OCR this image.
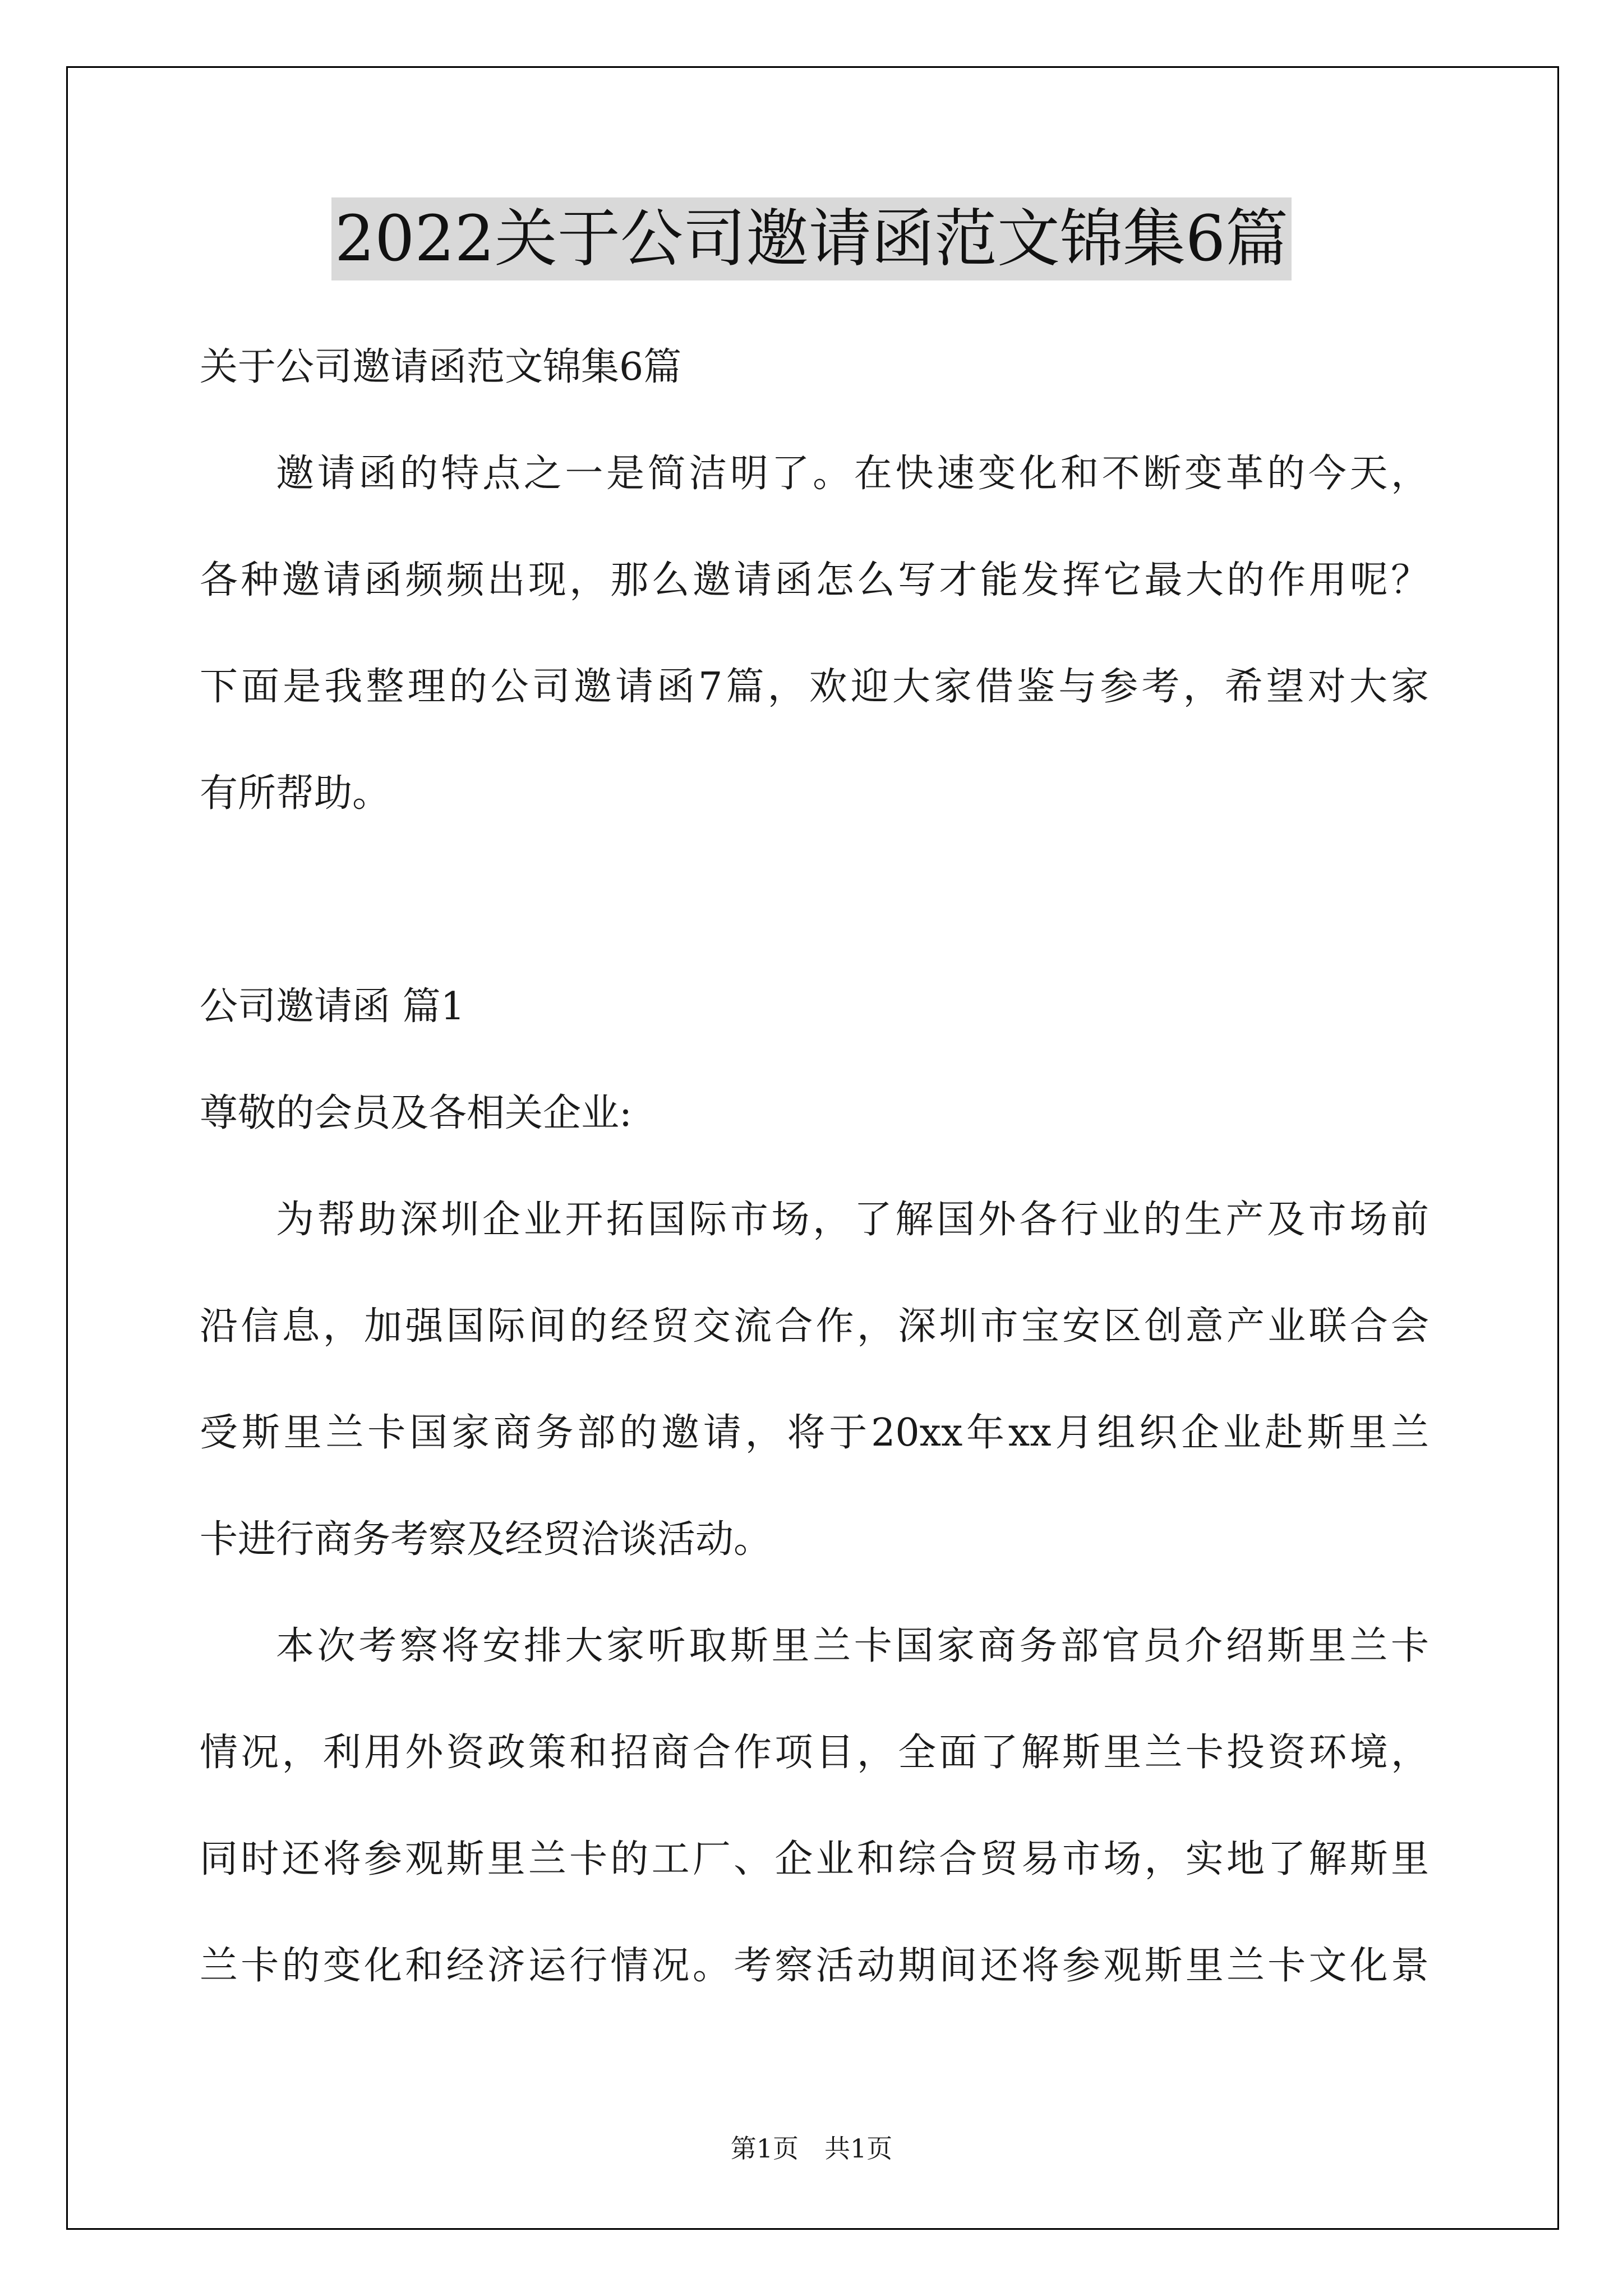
2022关于公司邀请函范文锦集6篇
关于公司邀请函范文锦集6篇
邀请函的特点之一是简洁明了。在快速变化和不断变革的今天，
各种邀请函频频出现，那么邀请函怎么写才能发挥它最大的作用呢？
下面是我整理的公司邀请函7篇，欢迎大家借鉴与参考，希望对大家
有所帮助。
公司邀请函 篇1
尊敬的会员及各相关企业:
为帮助深圳企业开拓国际市场，了解国外各行业的生产及市场前
沿信息，加强国际间的经贸交流合作，深圳市宝安区创意产业联合会
受斯里兰卡国家商务部的邀请，将于20xx年xx月组织企业赴斯里兰
卡进行商务考察及经贸洽谈活动。
本次考察将安排大家听取斯里兰卡国家商务部官员介绍斯里兰卡
情况，利用外资政策和招商合作项目，全面了解斯里兰卡投资环境，
同时还将参观斯里兰卡的工厂、企业和综合贸易市场，实地了解斯里
兰卡的变化和经济运行情况。考察活动期间还将参观斯里兰卡文化景
第1页　共1页
